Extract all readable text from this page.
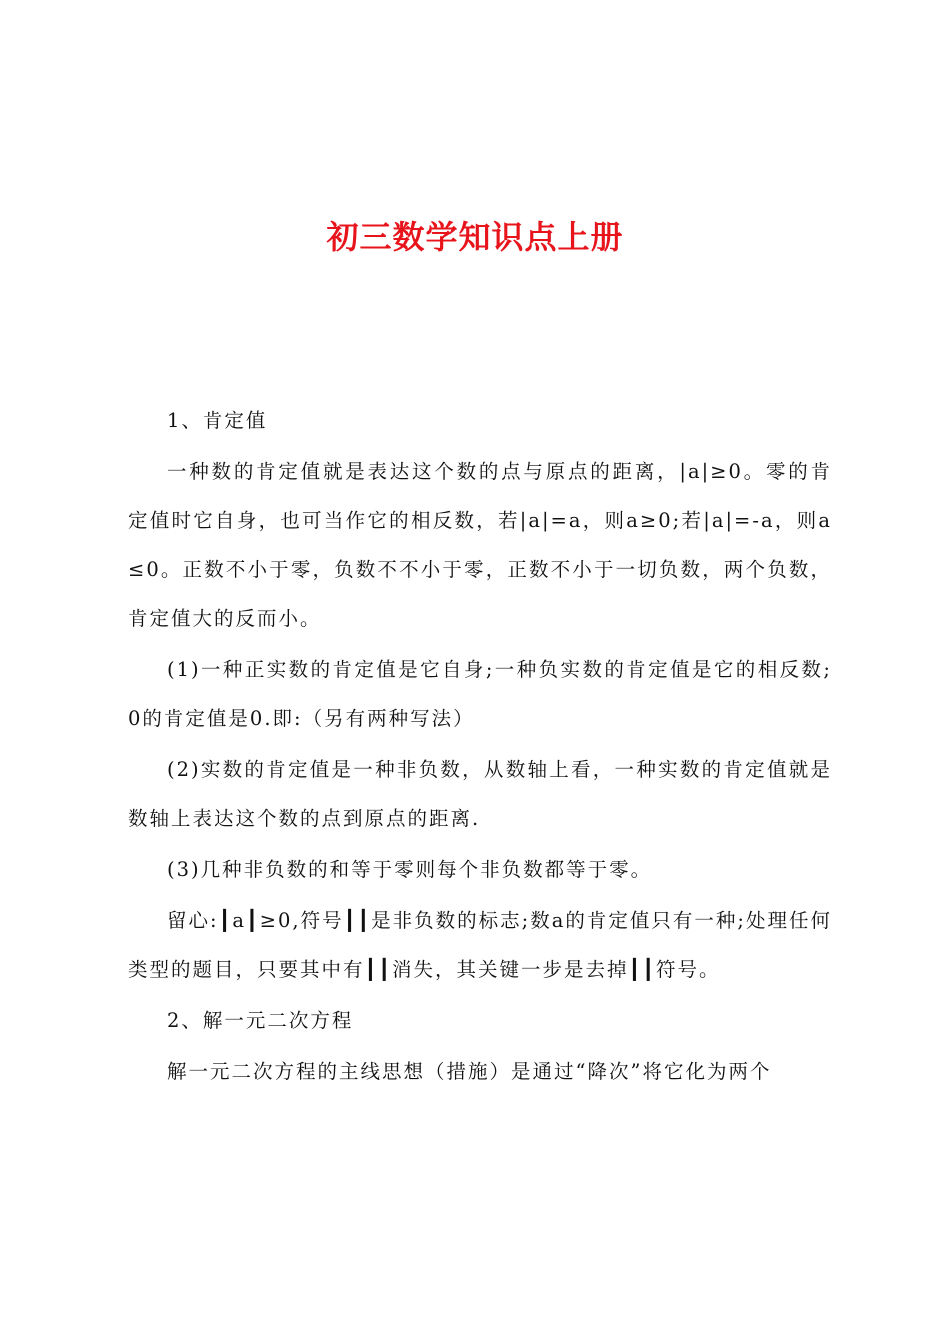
初三数学知识点上册

1、肯定值

一种数的肯定值就是表达这个数的点与原点的距离，|a|≥0。零的肯定值时它自身，也可当作它的相反数，若|a|=a，则a≥0;若|a|=-a，则a≤0。正数不小于零，负数不不小于零，正数不小于一切负数，两个负数，肯定值大的反而小。

(1)一种正实数的肯定值是它自身;一种负实数的肯定值是它的相反数;0的肯定值是0.即:（另有两种写法）

(2)实数的肯定值是一种非负数，从数轴上看，一种实数的肯定值就是数轴上表达这个数的点到原点的距离.

(3)几种非负数的和等于零则每个非负数都等于零。

留心:┃a┃≥0,符号┃┃是非负数的标志;数a的肯定值只有一种;处理任何类型的题目，只要其中有┃┃消失，其关键一步是去掉┃┃符号。

2、解一元二次方程

解一元二次方程的主线思想（措施）是通过“降次”将它化为两个
